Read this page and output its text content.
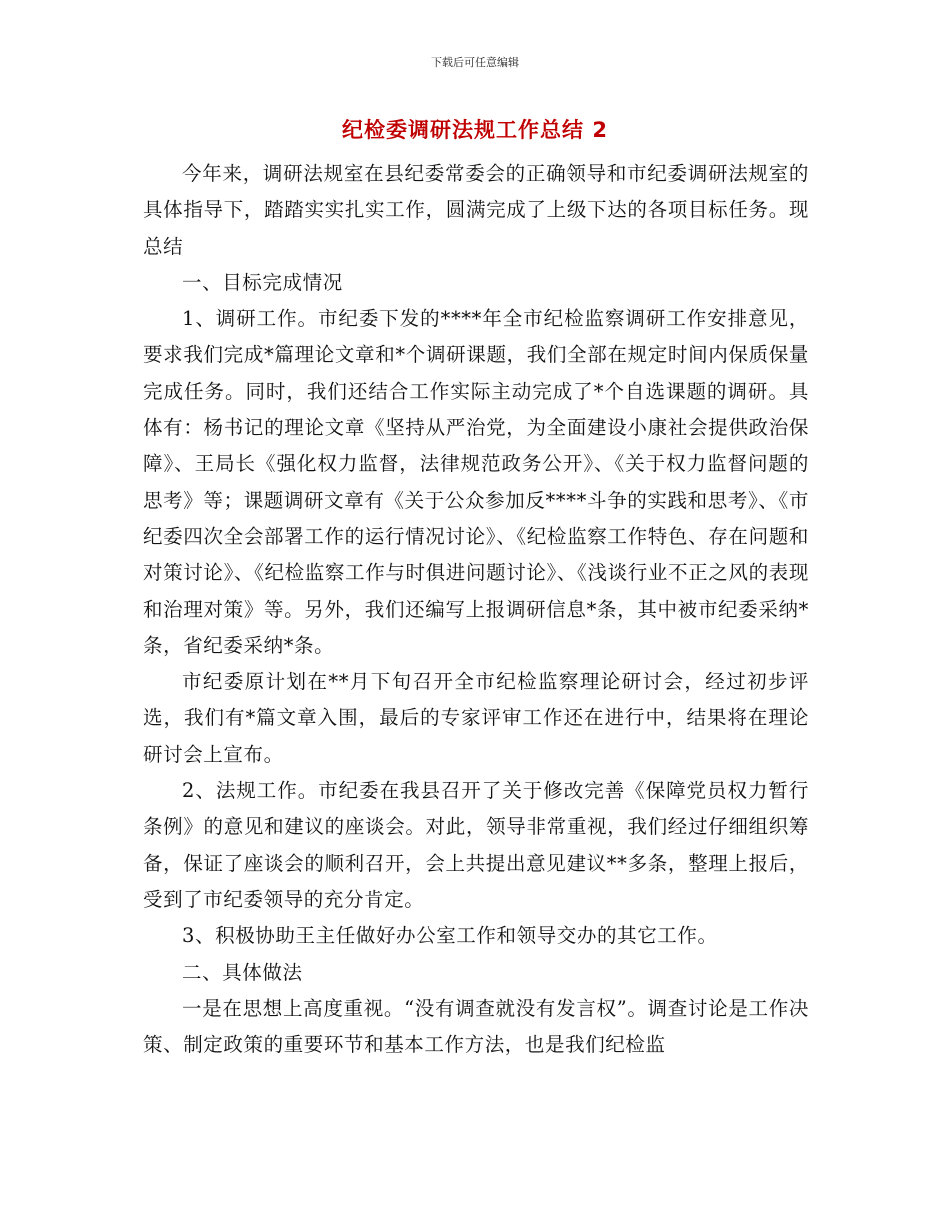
下载后可任意编辑
纪检委调研法规工作总结 2

今年来，调研法规室在县纪委常委会的正确领导和市纪委调研法规室的具体指导下，踏踏实实扎实工作，圆满完成了上级下达的各项目标任务。现总结

一、目标完成情况

1、调研工作。市纪委下发的****年全市纪检监察调研工作安排意见，要求我们完成*篇理论文章和*个调研课题，我们全部在规定时间内保质保量完成任务。同时，我们还结合工作实际主动完成了*个自选课题的调研。具体有：杨书记的理论文章《坚持从严治党，为全面建设小康社会提供政治保障》、王局长《强化权力监督，法律规范政务公开》、《关于权力监督问题的思考》等；课题调研文章有《关于公众参加反****斗争的实践和思考》、《市纪委四次全会部署工作的运行情况讨论》、《纪检监察工作特色、存在问题和对策讨论》、《纪检监察工作与时俱进问题讨论》、《浅谈行业不正之风的表现和治理对策》等。另外，我们还编写上报调研信息*条，其中被市纪委采纳*条，省纪委采纳*条。

市纪委原计划在**月下旬召开全市纪检监察理论研讨会，经过初步评选，我们有*篇文章入围，最后的专家评审工作还在进行中，结果将在理论研讨会上宣布。

2、法规工作。市纪委在我县召开了关于修改完善《保障党员权力暂行条例》的意见和建议的座谈会。对此，领导非常重视，我们经过仔细组织筹备，保证了座谈会的顺利召开，会上共提出意见建议**多条，整理上报后，受到了市纪委领导的充分肯定。

3、积极协助王主任做好办公室工作和领导交办的其它工作。

二、具体做法

一是在思想上高度重视。“没有调查就没有发言权”。调查讨论是工作决策、制定政策的重要环节和基本工作方法，也是我们纪检监
